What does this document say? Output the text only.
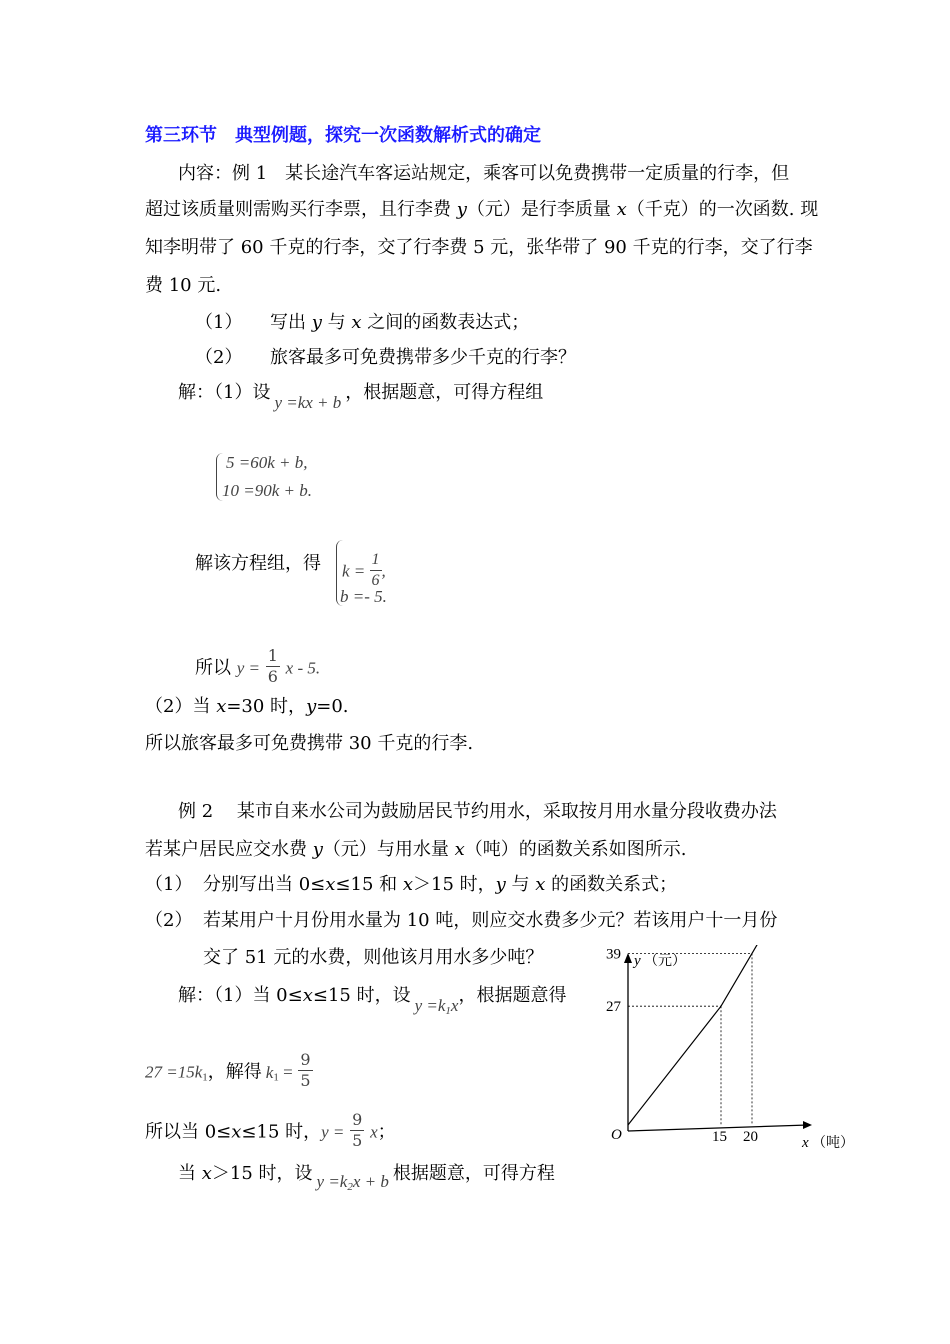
第三环节　典型例题，探究一次函数解析式的确定
内容：例 1　某长途汽车客运站规定，乘客可以免费携带一定质量的行李，但
超过该质量则需购买行李票，且行李费 y（元）是行李质量 x（千克）的一次函数. 现
知李明带了 60 千克的行李，交了行李费 5 元，张华带了 90 千克的行李，交了行李
费 10 元.
（1） 写出 y 与 x 之间的函数表达式；
（2） 旅客最多可免费携带多少千克的行李？
解：（1）设 y =kx + b ，根据题意，可得方程组
5 =60k + b,
10 =90k + b.
解该方程组，得 $k = \frac{1}{6}$ ,
b =- 5.
所以 $y = \frac{1}{6}$ x - 5.
（2）当 x=30 时，y=0.
所以旅客最多可免费携带 30 千克的行李.
例 2　 某市自来水公司为鼓励居民节约用水，采取按月用水量分段收费办法
若某户居民应交水费 y（元）与用水量 x（吨）的函数关系如图所示.
（1） 分别写出当 0≤x≤15 和 x＞15 时，y 与 x 的函数关系式；
（2） 若某用户十月份用水量为 10 吨，则应交水费多少元？若该用户十一月份
交了 51 元的水费，则他该月用水多少吨？
解：（1）当 0≤x≤15 时，设 $y =k_1x$，根据题意得
$27 =15k_1$，解得 $k_1 = \frac{9}{5}$
所以当 0≤x≤15 时，$y = \frac{9}{5}$ x；
当 x＞15 时，设 $y =k_2x + b$ 根据题意，可得方程
15 20
27
39
O
y （元）
x （吨）
